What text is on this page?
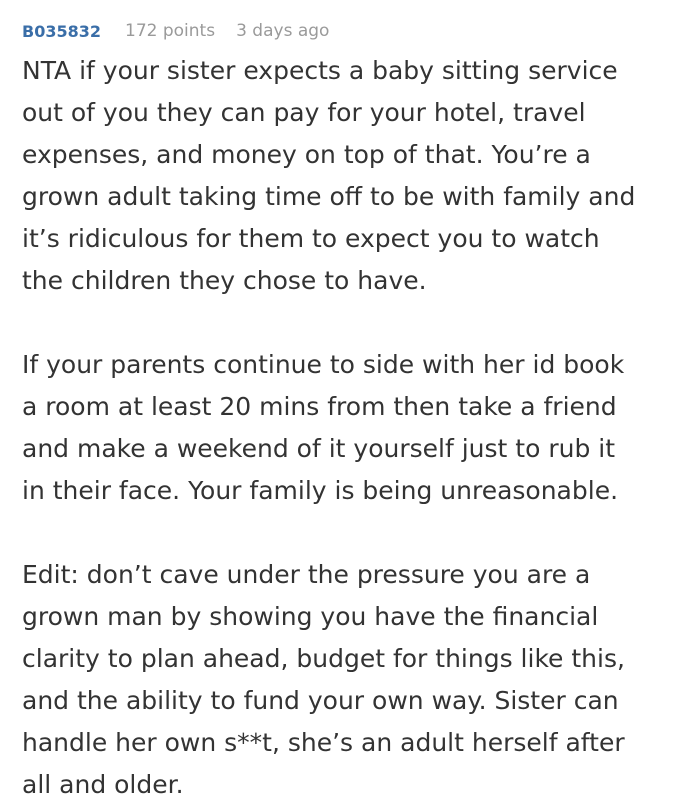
B035832 172 points 3 days ago

NTA if your sister expects a baby sitting service
out of you they can pay for your hotel, travel
expenses, and money on top of that. You’re a
grown adult taking time off to be with family and
it’s ridiculous for them to expect you to watch
the children they chose to have.

If your parents continue to side with her id book
a room at least 20 mins from then take a friend
and make a weekend of it yourself just to rub it
in their face. Your family is being unreasonable.

Edit: don’t cave under the pressure you are a
grown man by showing you have the financial
clarity to plan ahead, budget for things like this,
and the ability to fund your own way. Sister can
handle her own s**t, she’s an adult herself after
all and older.
